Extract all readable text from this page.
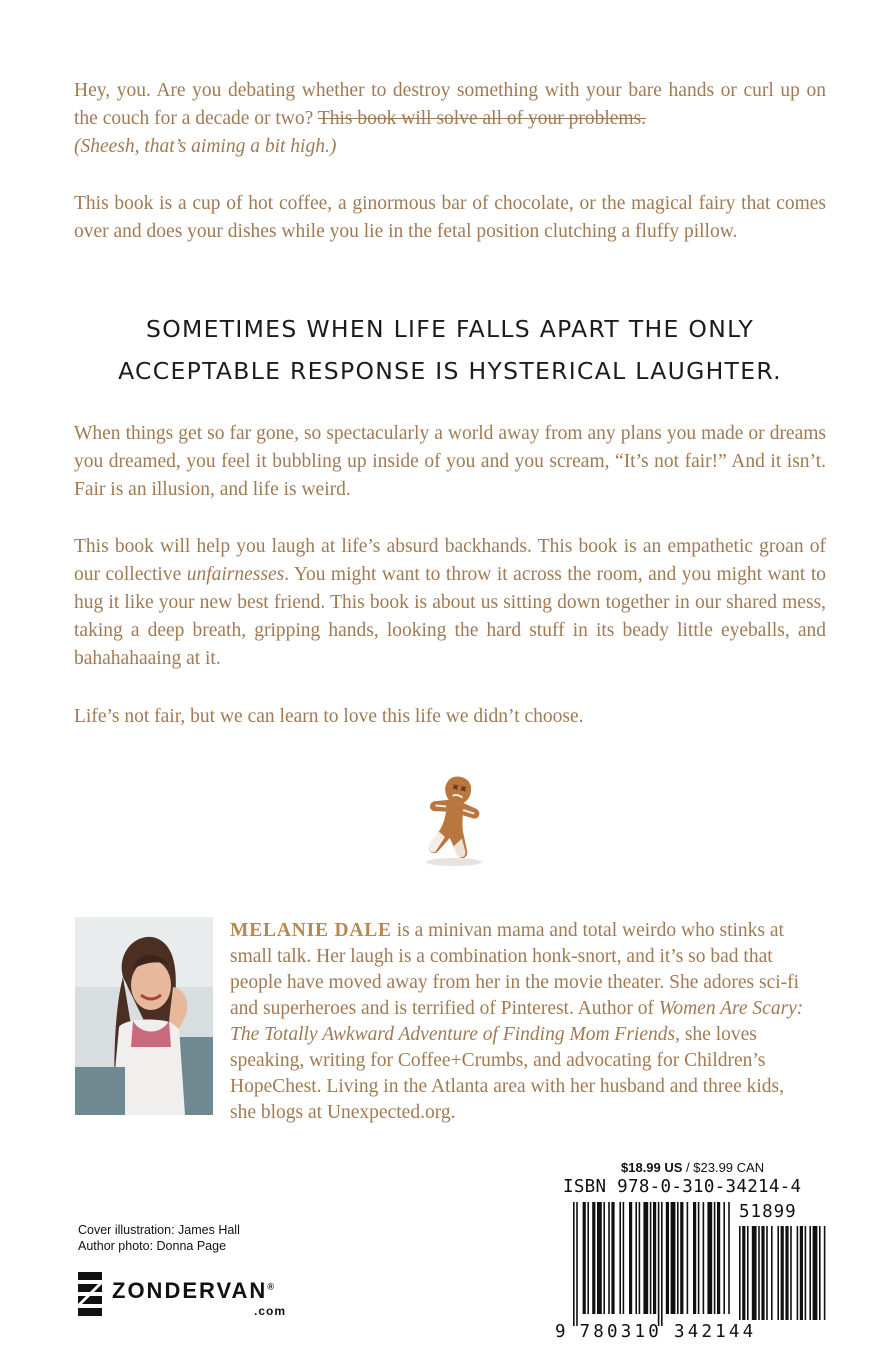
Hey, you. Are you debating whether to destroy something with your bare hands or curl up on the couch for a decade or two? This book will solve all of your problems.
(Sheesh, that’s aiming a bit high.)

This book is a cup of hot coffee, a ginormous bar of chocolate, or the magical fairy that comes over and does your dishes while you lie in the fetal position clutching a fluffy pillow.

SOMETIMES WHEN LIFE FALLS APART THE ONLY
ACCEPTABLE RESPONSE IS HYSTERICAL LAUGHTER.

When things get so far gone, so spectacularly a world away from any plans you made or dreams you dreamed, you feel it bubbling up inside of you and you scream, “It’s not fair!” And it isn’t. Fair is an illusion, and life is weird.

This book will help you laugh at life’s absurd backhands. This book is an empathetic groan of our collective unfairnesses. You might want to throw it across the room, and you might want to hug it like your new best friend. This book is about us sitting down together in our shared mess, taking a deep breath, gripping hands, looking the hard stuff in its beady little eyeballs, and bahahahaaing at it.

Life’s not fair, but we can learn to love this life we didn’t choose.

MELANIE DALE is a minivan mama and total weirdo who stinks at small talk. Her laugh is a combination honk-snort, and it’s so bad that people have moved away from her in the movie theater. She adores sci-fi and superheroes and is terrified of Pinterest. Author of Women Are Scary: The Totally Awkward Adventure of Finding Mom Friends, she loves speaking, writing for Coffee+Crumbs, and advocating for Children’s HopeChest. Living in the Atlanta area with her husband and three kids, she blogs at Unexpected.org.

Cover illustration: James Hall
Author photo: Donna Page
ZONDERVAN®
.com
$18.99 US / $23.99 CAN
ISBN 978-0-310-34214-4
51899
9 780310 342144
